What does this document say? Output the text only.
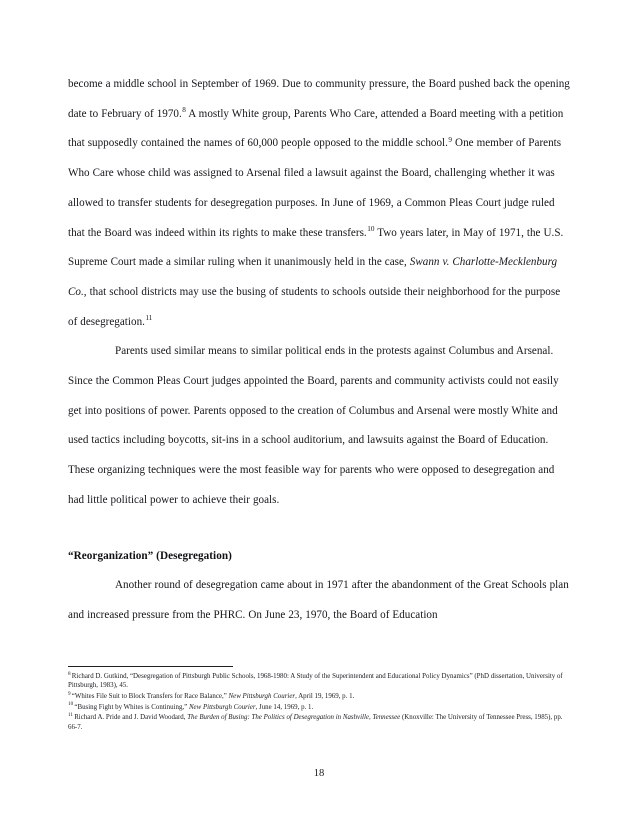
become a middle school in September of 1969. Due to community pressure, the Board pushed back the opening date to February of 1970.$^8$ A mostly White group, Parents Who Care, attended a Board meeting with a petition that supposedly contained the names of 60,000 people opposed to the middle school.$^9$ One member of Parents Who Care whose child was assigned to Arsenal filed a lawsuit against the Board, challenging whether it was allowed to transfer students for desegregation purposes. In June of 1969, a Common Pleas Court judge ruled that the Board was indeed within its rights to make these transfers.$^{10}$ Two years later, in May of 1971, the U.S. Supreme Court made a similar ruling when it unanimously held in the case, Swann v. Charlotte-Mecklenburg Co., that school districts may use the busing of students to schools outside their neighborhood for the purpose of desegregation.$^{11}$

Parents used similar means to similar political ends in the protests against Columbus and Arsenal. Since the Common Pleas Court judges appointed the Board, parents and community activists could not easily get into positions of power. Parents opposed to the creation of Columbus and Arsenal were mostly White and used tactics including boycotts, sit-ins in a school auditorium, and lawsuits against the Board of Education. These organizing techniques were the most feasible way for parents who were opposed to desegregation and had little political power to achieve their goals.

“Reorganization” (Desegregation)

Another round of desegregation came about in 1971 after the abandonment of the Great Schools plan and increased pressure from the PHRC. On June 23, 1970, the Board of Education

$^8$Richard D. Gutkind, “Desegregation of Pittsburgh Public Schools, 1968-1980: A Study of the Superintendent and Educational Policy Dynamics” (PhD dissertation, University of Pittsburgh, 1983), 45.

$^9$“Whites File Suit to Block Transfers for Race Balance,” New Pittsburgh Courier, April 19, 1969, p. 1.

$^{10}$“Busing Fight by Whites is Continuing,” New Pittsburgh Courier, June 14, 1969, p. 1.

$^{11}$Richard A. Pride and J. David Woodard, The Burden of Busing: The Politics of Desegregation in Nashville, Tennessee (Knoxville: The University of Tennessee Press, 1985), pp. 66-7.

18
